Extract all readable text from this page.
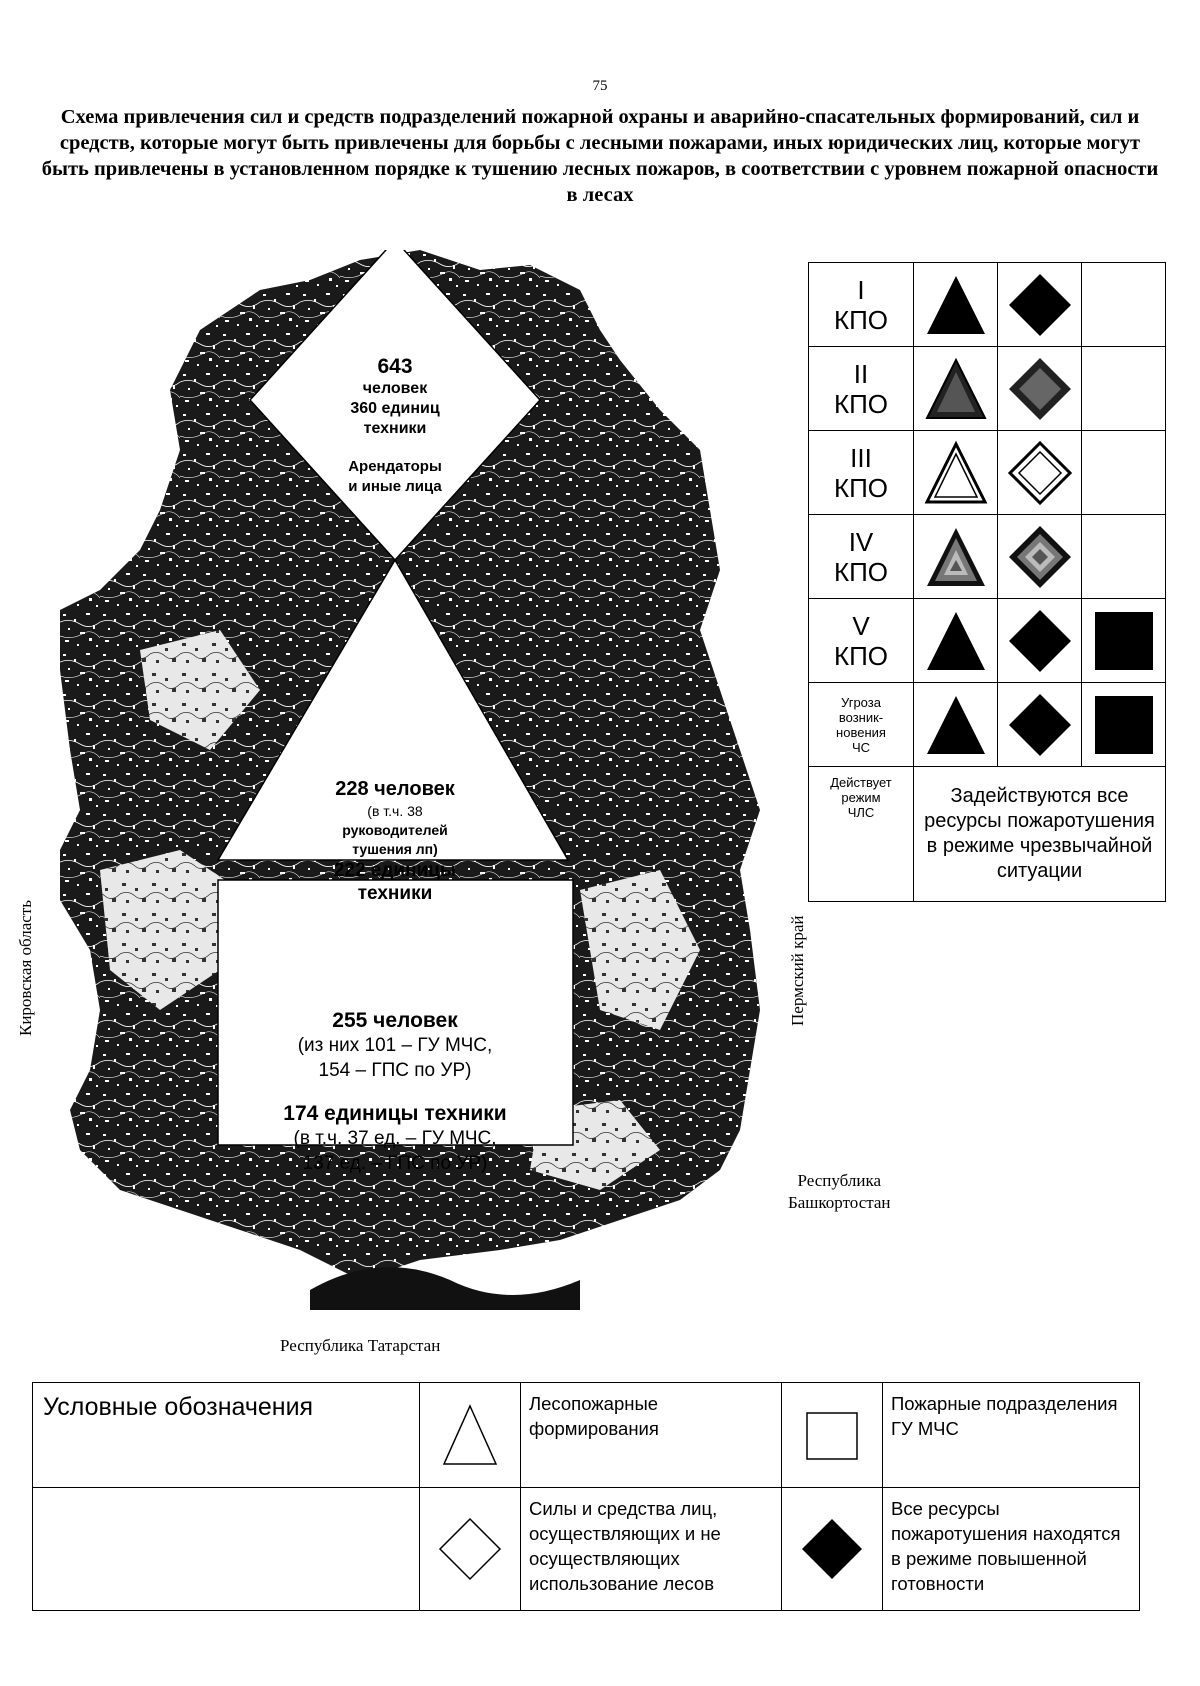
75
Схема привлечения сил и средств подразделений пожарной охраны и аварийно-спасательных формирований, сил и средств, которые могут быть привлечены для борьбы с лесными пожарами, иных юридических лиц, которые могут быть привлечены в установленном порядке к тушению лесных пожаров, в соответствии с уровнем пожарной опасности в лесах
643
человек
360 единиц
техники
Арендаторы
и иные лица
228 человек
(в т.ч. 38
руководителей
тушения лп)
222 единицы
техники
255 человек
(из них 101 – ГУ МЧС,
154 – ГПС по УР)
174 единицы техники
(в т.ч. 37 ед. – ГУ МЧС,
137 ед. – ГПС по УР)
Кировская область	Пермский край
Республика
Башкортостан
Республика Татарстан
I
КПО

II
КПО

III
КПО

IV
КПО

V
КПО

Угроза
возник-
новения
ЧС

Действует
режим
ЧЛС	Задействуются все ресурсы пожаротушения в режиме чрезвычайной ситуации		
Условные обозначения		Лесопожарные формирования		Пожарные подразделения ГУ МЧС

	Силы и средства лиц, осуществляющих и не осуществляющих использование лесов		Все ресурсы пожаротушения находятся в режиме повышенной готовности
